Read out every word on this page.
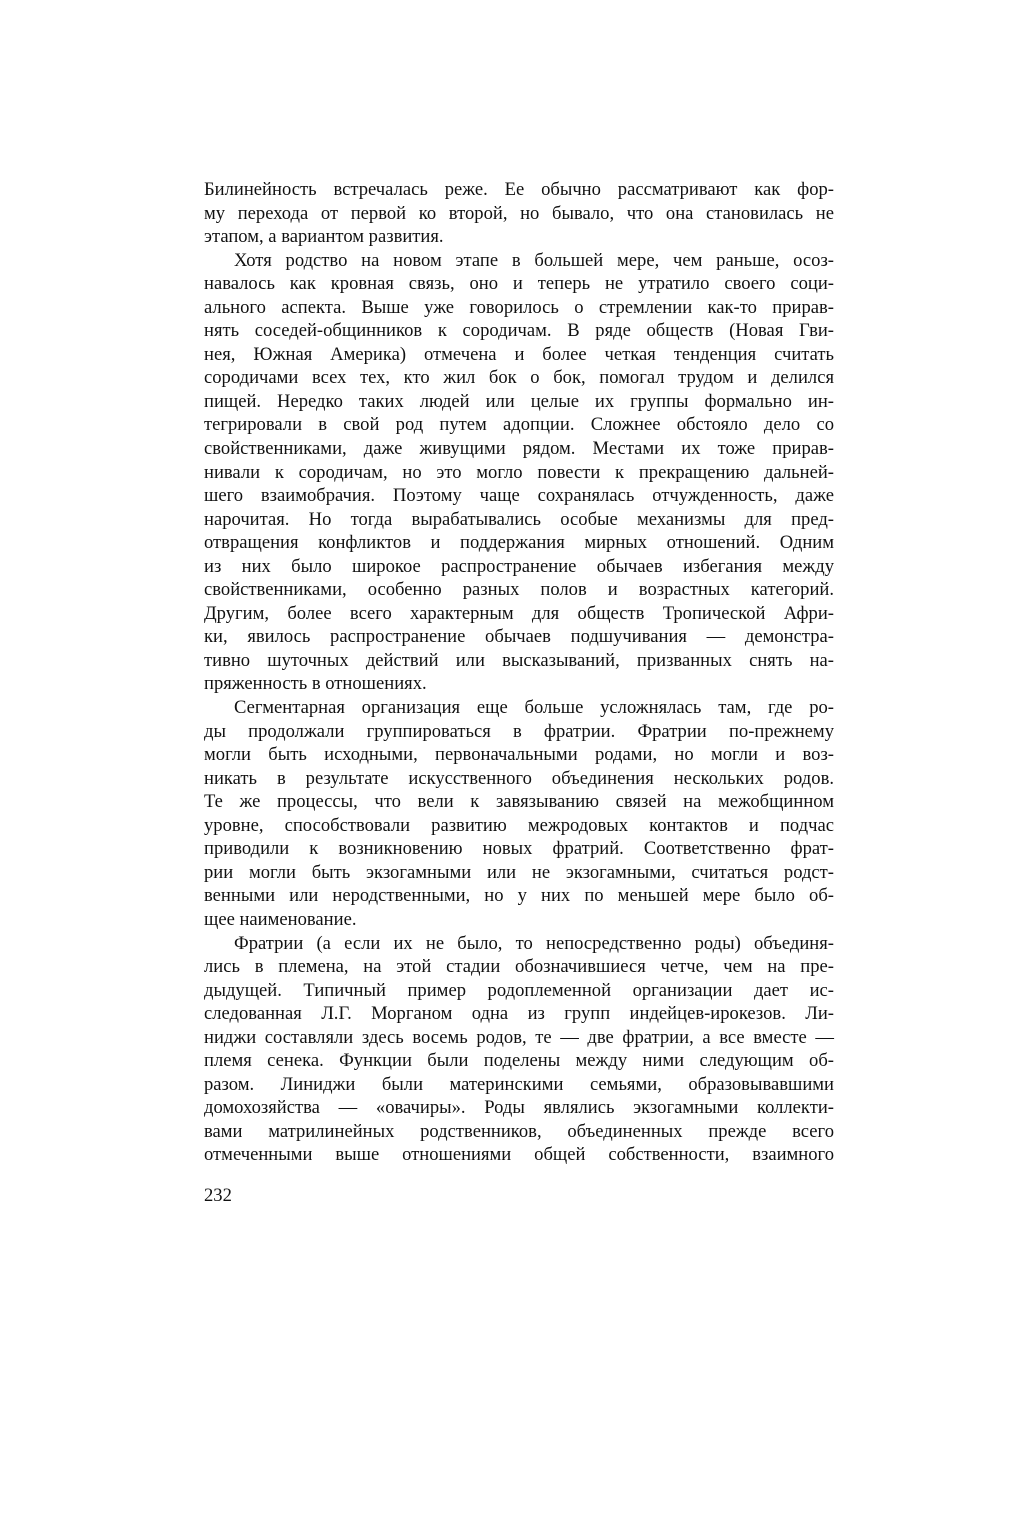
Билинейность встречалась реже. Ее обычно рассматривают как фор-
му перехода от первой ко второй, но бывало, что она становилась не
этапом, а вариантом развития.
Хотя родство на новом этапе в большей мере, чем раньше, осоз-
навалось как кровная связь, оно и теперь не утратило своего соци-
ального аспекта. Выше уже говорилось о стремлении как-то прирав-
нять соседей-общинников к сородичам. В ряде обществ (Новая Гви-
нея, Южная Америка) отмечена и более четкая тенденция считать
сородичами всех тех, кто жил бок о бок, помогал трудом и делился
пищей. Нередко таких людей или целые их группы формально ин-
тегрировали в свой род путем адопции. Сложнее обстояло дело со
свойственниками, даже живущими рядом. Местами их тоже прирав-
нивали к сородичам, но это могло повести к прекращению дальней-
шего взаимобрачия. Поэтому чаще сохранялась отчужденность, даже
нарочитая. Но тогда вырабатывались особые механизмы для пред-
отвращения конфликтов и поддержания мирных отношений. Одним
из них было широкое распространение обычаев избегания между
свойственниками, особенно разных полов и возрастных категорий.
Другим, более всего характерным для обществ Тропической Афри-
ки, явилось распространение обычаев подшучивания — демонстра-
тивно шуточных действий или высказываний, призванных снять на-
пряженность в отношениях.
Сегментарная организация еще больше усложнялась там, где ро-
ды продолжали группироваться в фратрии. Фратрии по-прежнему
могли быть исходными, первоначальными родами, но могли и воз-
никать в результате искусственного объединения нескольких родов.
Те же процессы, что вели к завязыванию связей на межобщинном
уровне, способствовали развитию межродовых контактов и подчас
приводили к возникновению новых фратрий. Соответственно фрат-
рии могли быть экзогамными или не экзогамными, считаться родст-
венными или неродственными, но у них по меньшей мере было об-
щее наименование.
Фратрии (а если их не было, то непосредственно роды) объединя-
лись в племена, на этой стадии обозначившиеся четче, чем на пре-
дыдущей. Типичный пример родоплеменной организации дает ис-
следованная Л.Г. Морганом одна из групп индейцев-ирокезов. Ли-
ниджи составляли здесь восемь родов, те — две фратрии, а все вместе —
племя сенека. Функции были поделены между ними следующим об-
разом. Линиджи были материнскими семьями, образовывавшими
домохозяйства — «овачиры». Роды являлись экзогамными коллекти-
вами матрилинейных родственников, объединенных прежде всего
отмеченными выше отношениями общей собственности, взаимного
232
